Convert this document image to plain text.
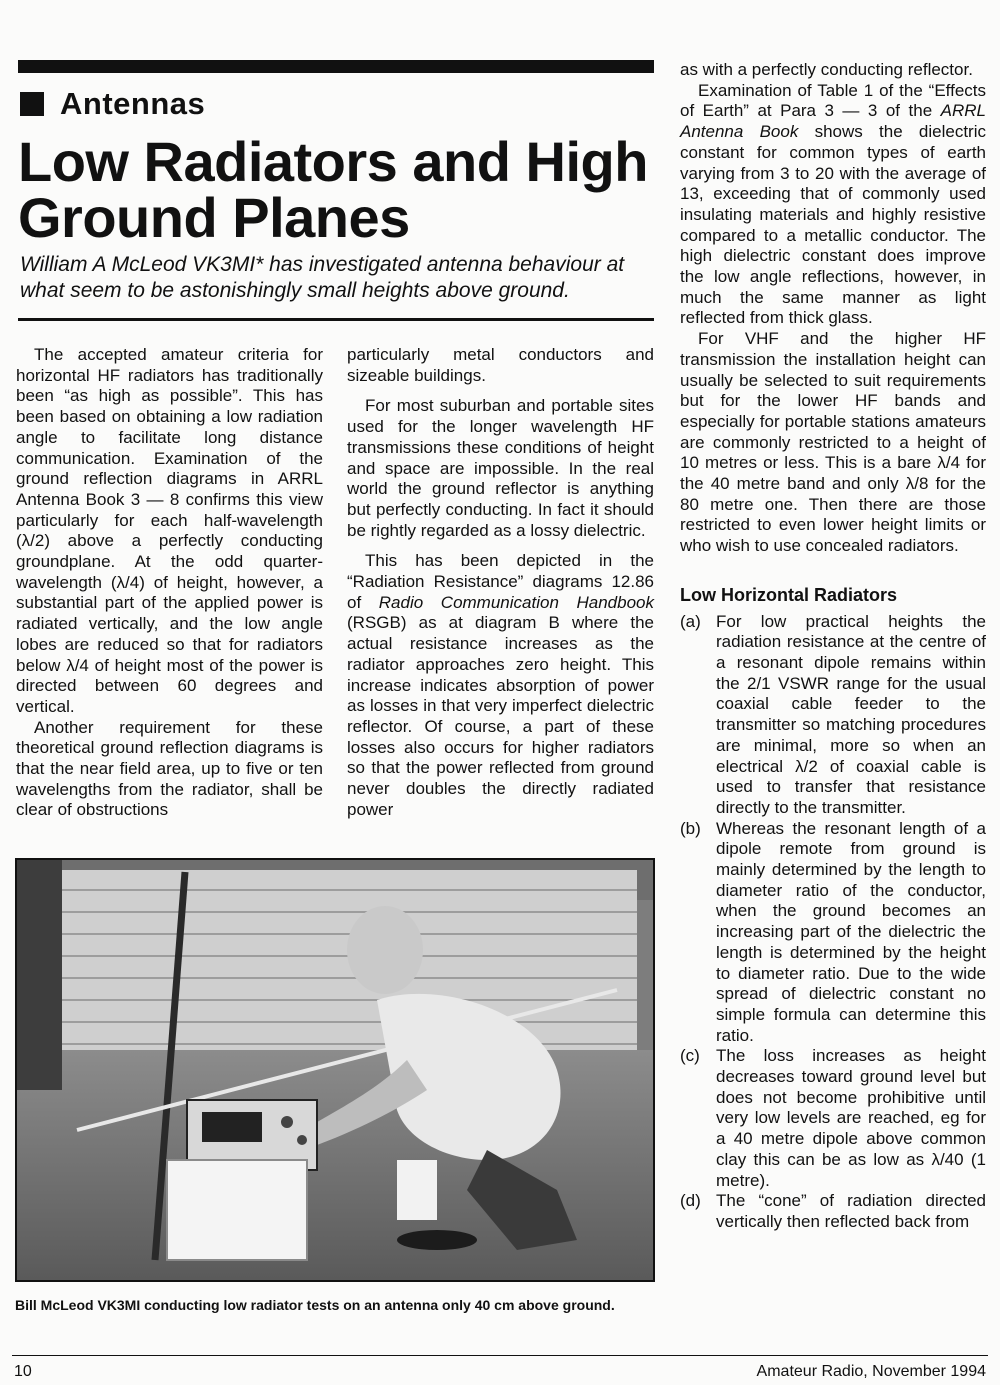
Antennas
Low Radiators and High Ground Planes

William A McLeod VK3MI* has investigated antenna behaviour at what seem to be astonishingly small heights above ground.

The accepted amateur criteria for horizontal HF radiators has traditionally been “as high as possible”. This has been based on obtaining a low radiation angle to facilitate long distance communication. Examination of the ground reflection diagrams in ARRL Antenna Book 3 — 8 confirms this view particularly for each half-wavelength (λ/2) above a perfectly conducting groundplane. At the odd quarter-wavelength (λ/4) of height, however, a substantial part of the applied power is radiated vertically, and the low angle lobes are reduced so that for radiators below λ/4 of height most of the power is directed between 60 degrees and vertical.

Another requirement for these theoretical ground reflection diagrams is that the near field area, up to five or ten wavelengths from the radiator, shall be clear of obstructions

particularly metal conductors and sizeable buildings.

For most suburban and portable sites used for the longer wavelength HF transmissions these conditions of height and space are impossible. In the real world the ground reflector is anything but perfectly conducting. In fact it should be rightly regarded as a lossy dielectric.

This has been depicted in the “Radiation Resistance” diagrams 12.86 of Radio Communication Handbook (RSGB) as at diagram B where the actual resistance increases as the radiator approaches zero height. This increase indicates absorption of power as losses in that very imperfect dielectric reflector. Of course, a part of these losses also occurs for higher radiators so that the power reflected from ground never doubles the directly radiated power

as with a perfectly conducting reflector.

Examination of Table 1 of the “Effects of Earth” at Para 3 — 3 of the ARRL Antenna Book shows the dielectric constant for common types of earth varying from 3 to 20 with the average of 13, exceeding that of commonly used insulating materials and highly resistive compared to a metallic conductor. The high dielectric constant does improve the low angle reflections, however, in much the same manner as light reflected from thick glass.

For VHF and the higher HF transmission the installation height can usually be selected to suit requirements but for the lower HF bands and especially for portable stations amateurs are commonly restricted to a height of 10 metres or less. This is a bare λ/4 for the 40 metre band and only λ/8 for the 80 metre one. Then there are those restricted to even lower height limits or who wish to use concealed radiators.

Low Horizontal Radiators
(a) For low practical heights the radiation resistance at the centre of a resonant dipole remains within the 2/1 VSWR range for the usual coaxial cable feeder to the transmitter so matching procedures are minimal, more so when an electrical λ/2 of coaxial cable is used to transfer that resistance directly to the transmitter.
(b) Whereas the resonant length of a dipole remote from ground is mainly determined by the length to diameter ratio of the conductor, when the ground becomes an increasing part of the dielectric the length is determined by the height to diameter ratio. Due to the wide spread of dielectric constant no simple formula can determine this ratio.
(c) The loss increases as height decreases toward ground level but does not become prohibitive until very low levels are reached, eg for a 40 metre dipole above common clay this can be as low as λ/40 (1 metre).
(d) The “cone” of radiation directed vertically then reflected back from

Bill McLeod VK3MI conducting low radiator tests on an antenna only 40 cm above ground.

10	Amateur Radio, November 1994
